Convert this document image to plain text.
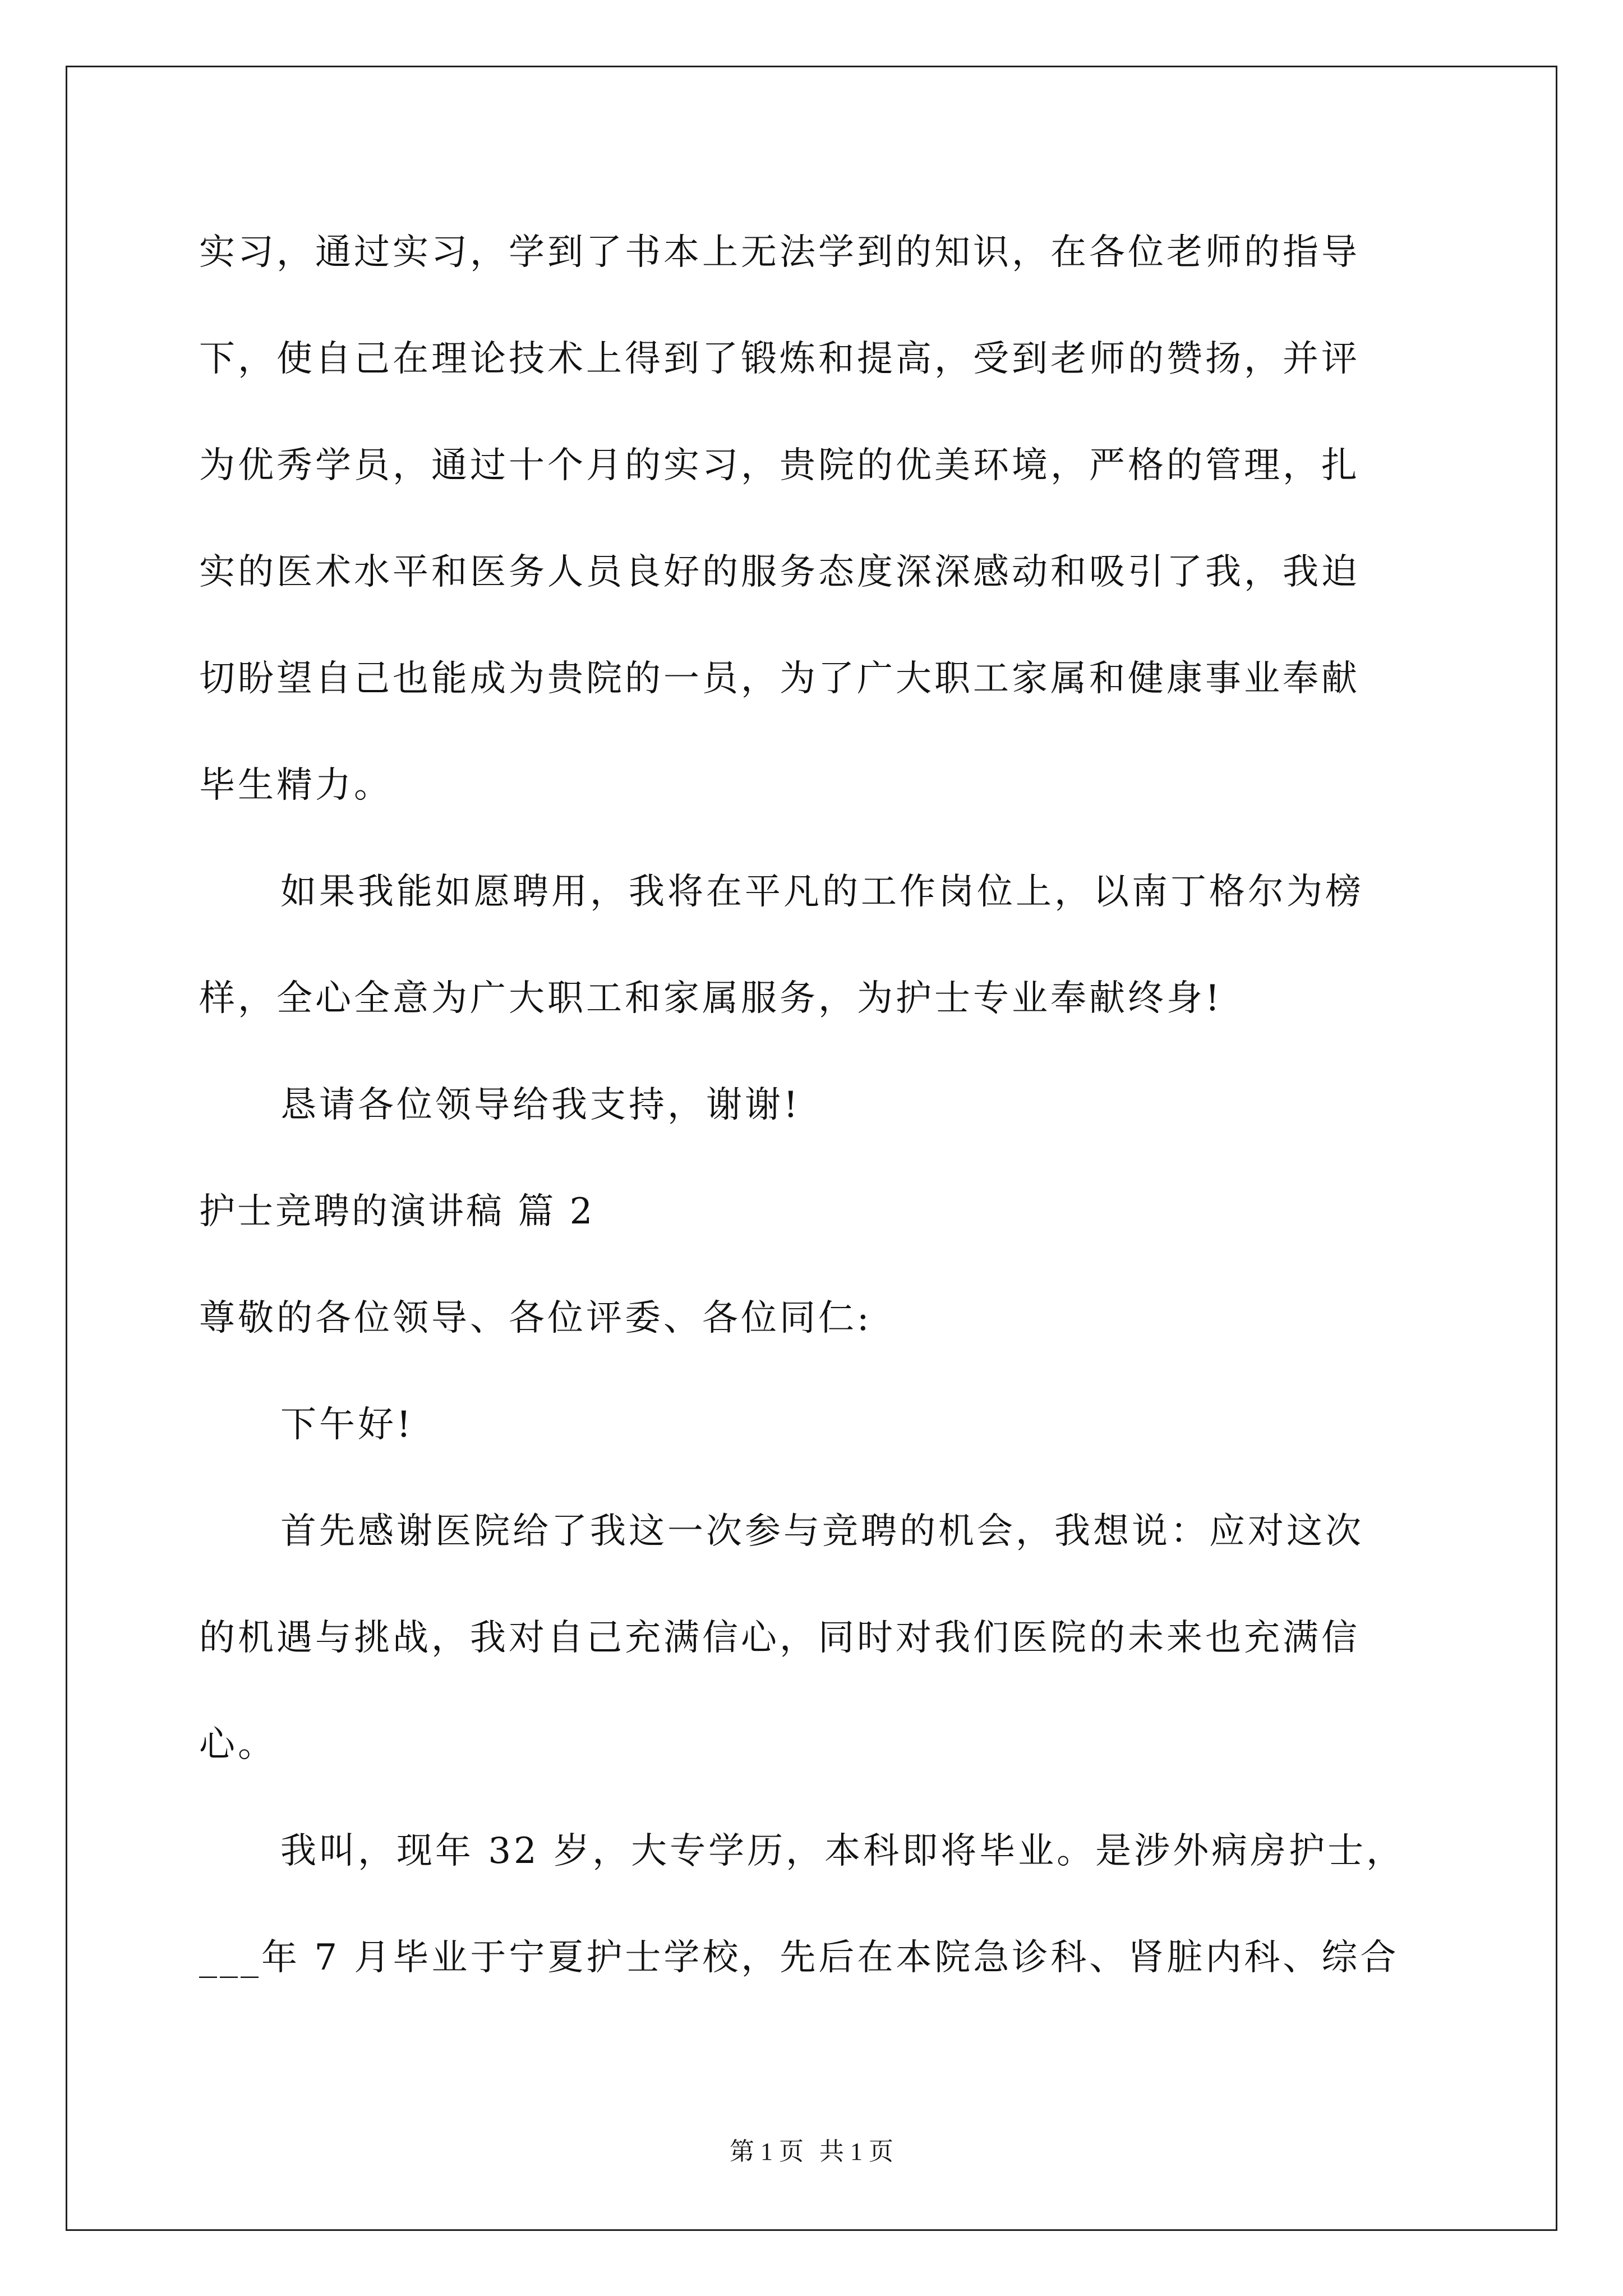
实习，通过实习，学到了书本上无法学到的知识，在各位老师的指导
下，使自己在理论技术上得到了锻炼和提高，受到老师的赞扬，并评
为优秀学员，通过十个月的实习，贵院的优美环境，严格的管理，扎
实的医术水平和医务人员良好的服务态度深深感动和吸引了我，我迫
切盼望自己也能成为贵院的一员，为了广大职工家属和健康事业奉献
毕生精力。
如果我能如愿聘用，我将在平凡的工作岗位上，以南丁格尔为榜
样，全心全意为广大职工和家属服务，为护士专业奉献终身!
恳请各位领导给我支持，谢谢!
护士竞聘的演讲稿 篇 2
尊敬的各位领导、各位评委、各位同仁:
下午好!
首先感谢医院给了我这一次参与竞聘的机会，我想说：应对这次
的机遇与挑战，我对自己充满信心，同时对我们医院的未来也充满信
心。
我叫，现年 32 岁，大专学历，本科即将毕业。是涉外病房护士，
___年 7 月毕业于宁夏护士学校，先后在本院急诊科、肾脏内科、综合
第 1 页 共 1 页
